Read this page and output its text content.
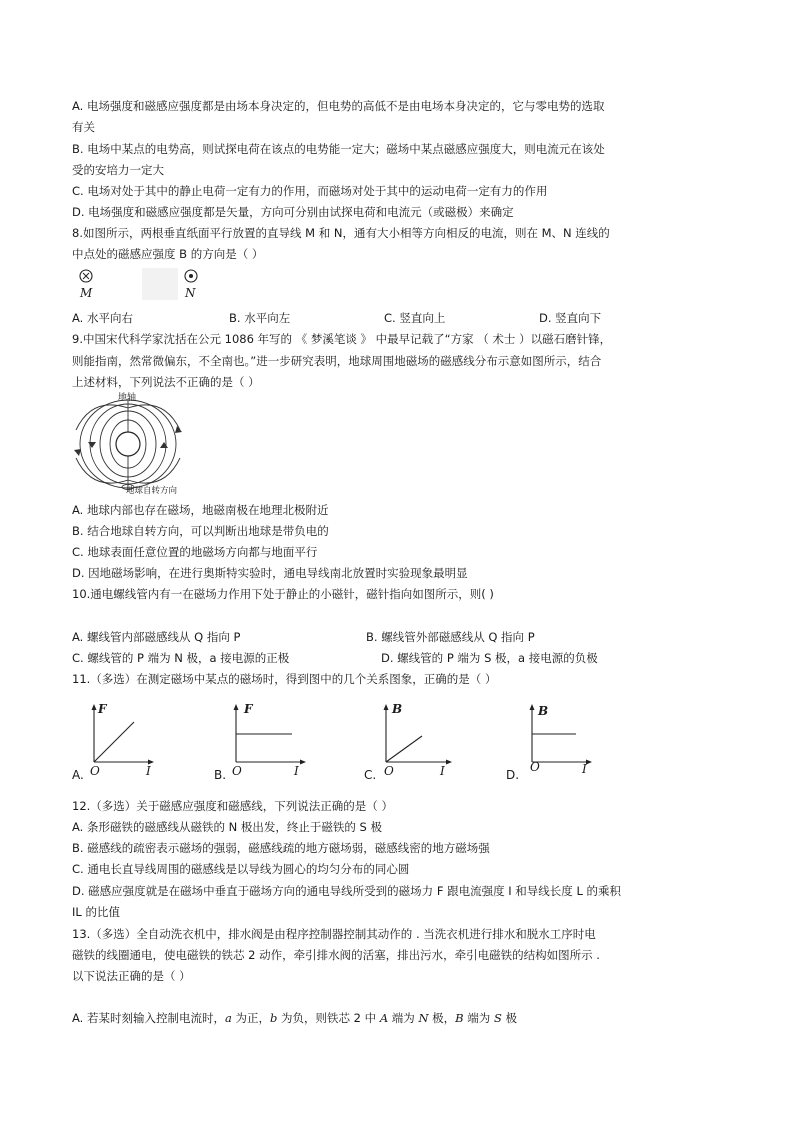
A. 电场强度和磁感应强度都是由场本身决定的，但电势的高低不是由电场本身决定的，它与零电势的选取
有关
B. 电场中某点的电势高，则试探电荷在该点的电势能一定大；磁场中某点磁感应强度大，则电流元在该处
受的安培力一定大
C. 电场对处于其中的静止电荷一定有力的作用，而磁场对处于其中的运动电荷一定有力的作用
D. 电场强度和磁感应强度都是矢量，方向可分别由试探电荷和电流元（或磁极）来确定
8.如图所示，两根垂直纸面平行放置的直导线 M 和 N，通有大小相等方向相反的电流，则在 M、N 连线的
中点处的磁感应强度 B 的方向是（ ）
M	N
A. 水平向右	B. 水平向左	C. 竖直向上	D. 竖直向下
9.中国宋代科学家沈括在公元 1086 年写的 《 梦溪笔谈 》 中最早记载了“方家 （ 术士 ）以磁石磨针锋，
则能指南，然常微偏东，不全南也。”进一步研究表明，地球周围地磁场的磁感线分布示意如图所示，结合
上述材料，下列说法不正确的是（ ）
地轴
地球自转方向
A. 地球内部也存在磁场，地磁南极在地理北极附近
B. 结合地球自转方向，可以判断出地球是带负电的
C. 地球表面任意位置的地磁场方向都与地面平行
D. 因地磁场影响，在进行奥斯特实验时，通电导线南北放置时实验现象最明显
10.通电螺线管内有一在磁场力作用下处于静止的小磁针，磁针指向如图所示，则( )
A. 螺线管内部磁感线从 Q 指向 P	B. 螺线管外部磁感线从 Q 指向 P
C. 螺线管的 P 端为 N 极，a 接电源的正极	D. 螺线管的 P 端为 S 极，a 接电源的负极
11.（多选）在测定磁场中某点的磁场时，得到图中的几个关系图象，正确的是（ ）
F
O	I
A.
F
O	I
B.
B
O	I
C.
B
O	I
D.
12.（多选）关于磁感应强度和磁感线，下列说法正确的是（ ）
A. 条形磁铁的磁感线从磁铁的 N 极出发，终止于磁铁的 S 极
B. 磁感线的疏密表示磁场的强弱，磁感线疏的地方磁场弱，磁感线密的地方磁场强
C. 通电长直导线周围的磁感线是以导线为圆心的均匀分布的同心圆
D. 磁感应强度就是在磁场中垂直于磁场方向的通电导线所受到的磁场力 F 跟电流强度 I 和导线长度 L 的乘积
IL 的比值
13.（多选）全自动洗衣机中，排水阀是由程序控制器控制其动作的 . 当洗衣机进行排水和脱水工序时电
磁铁的线圈通电，使电磁铁的铁芯 2 动作，牵引排水阀的活塞，排出污水，牵引电磁铁的结构如图所示 .
以下说法正确的是（ ）
A. 若某时刻输入控制电流时，a 为正，b 为负，则铁芯 2 中 A 端为 N 极，B 端为 S 极
